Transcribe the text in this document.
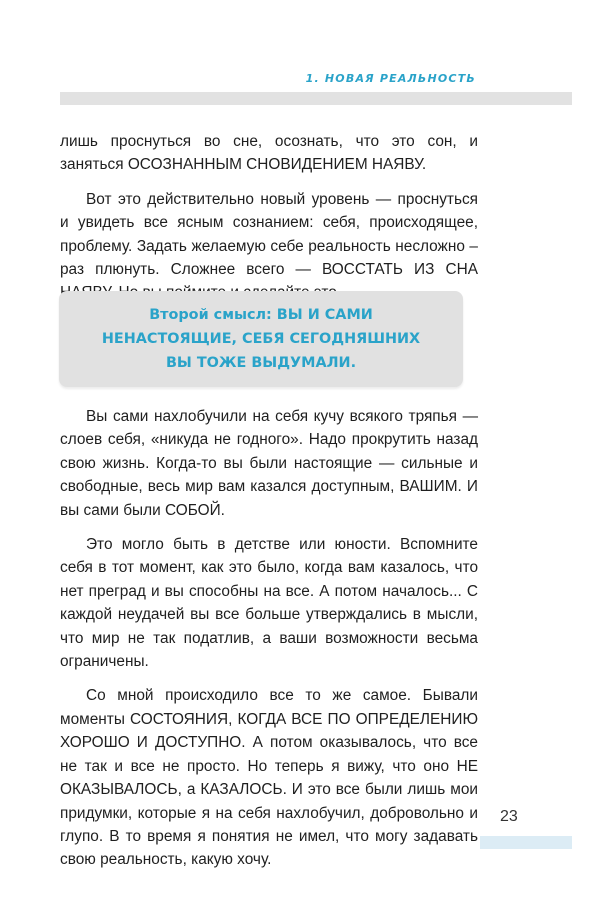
1. НОВАЯ РЕАЛЬНОСТЬ

лишь проснуться во сне, осознать, что это сон, и заняться ОСОЗНАННЫМ СНОВИДЕНИЕМ НАЯВУ.

Вот это действительно новый уровень — проснуться и увидеть все ясным сознанием: себя, происходящее, проблему. Задать желаемую себе реальность несложно – раз плюнуть. Сложнее всего — ВОССТАТЬ ИЗ СНА

Второй смысл: ВЫ И САМИ
НЕНАСТОЯЩИЕ, СЕБЯ СЕГОДНЯШНИХ
ВЫ ТОЖЕ ВЫДУМАЛИ.

Вы сами нахлобучили на себя кучу всякого тряпья — слоев себя, «никуда не годного». Надо прокрутить назад свою жизнь. Когда-то вы были настоящие — сильные и свободные, весь мир вам казался доступным, ВАШИМ. И вы сами были СОБОЙ.

Это могло быть в детстве или юности. Вспомните себя в тот момент, как это было, когда вам казалось, что нет преград и вы способны на все. А потом началось... С каждой неудачей вы все больше утверждались в мысли, что мир не так податлив, а ваши возможности весьма ограничены.

Со мной происходило все то же самое. Бывали моменты СОСТОЯНИЯ, КОГДА ВСЕ ПО ОПРЕДЕЛЕНИЮ ХОРОШО И ДОСТУПНО. А потом оказывалось, что все не так и все не просто. Но теперь я вижу, что оно НЕ ОКАЗЫВАЛОСЬ, а КАЗАЛОСЬ. И это все были лишь мои придумки, которые я на себя нахлобучил, добровольно и глупо. В то время я понятия не имел, что могу задавать свою реальность, какую хочу.

23
